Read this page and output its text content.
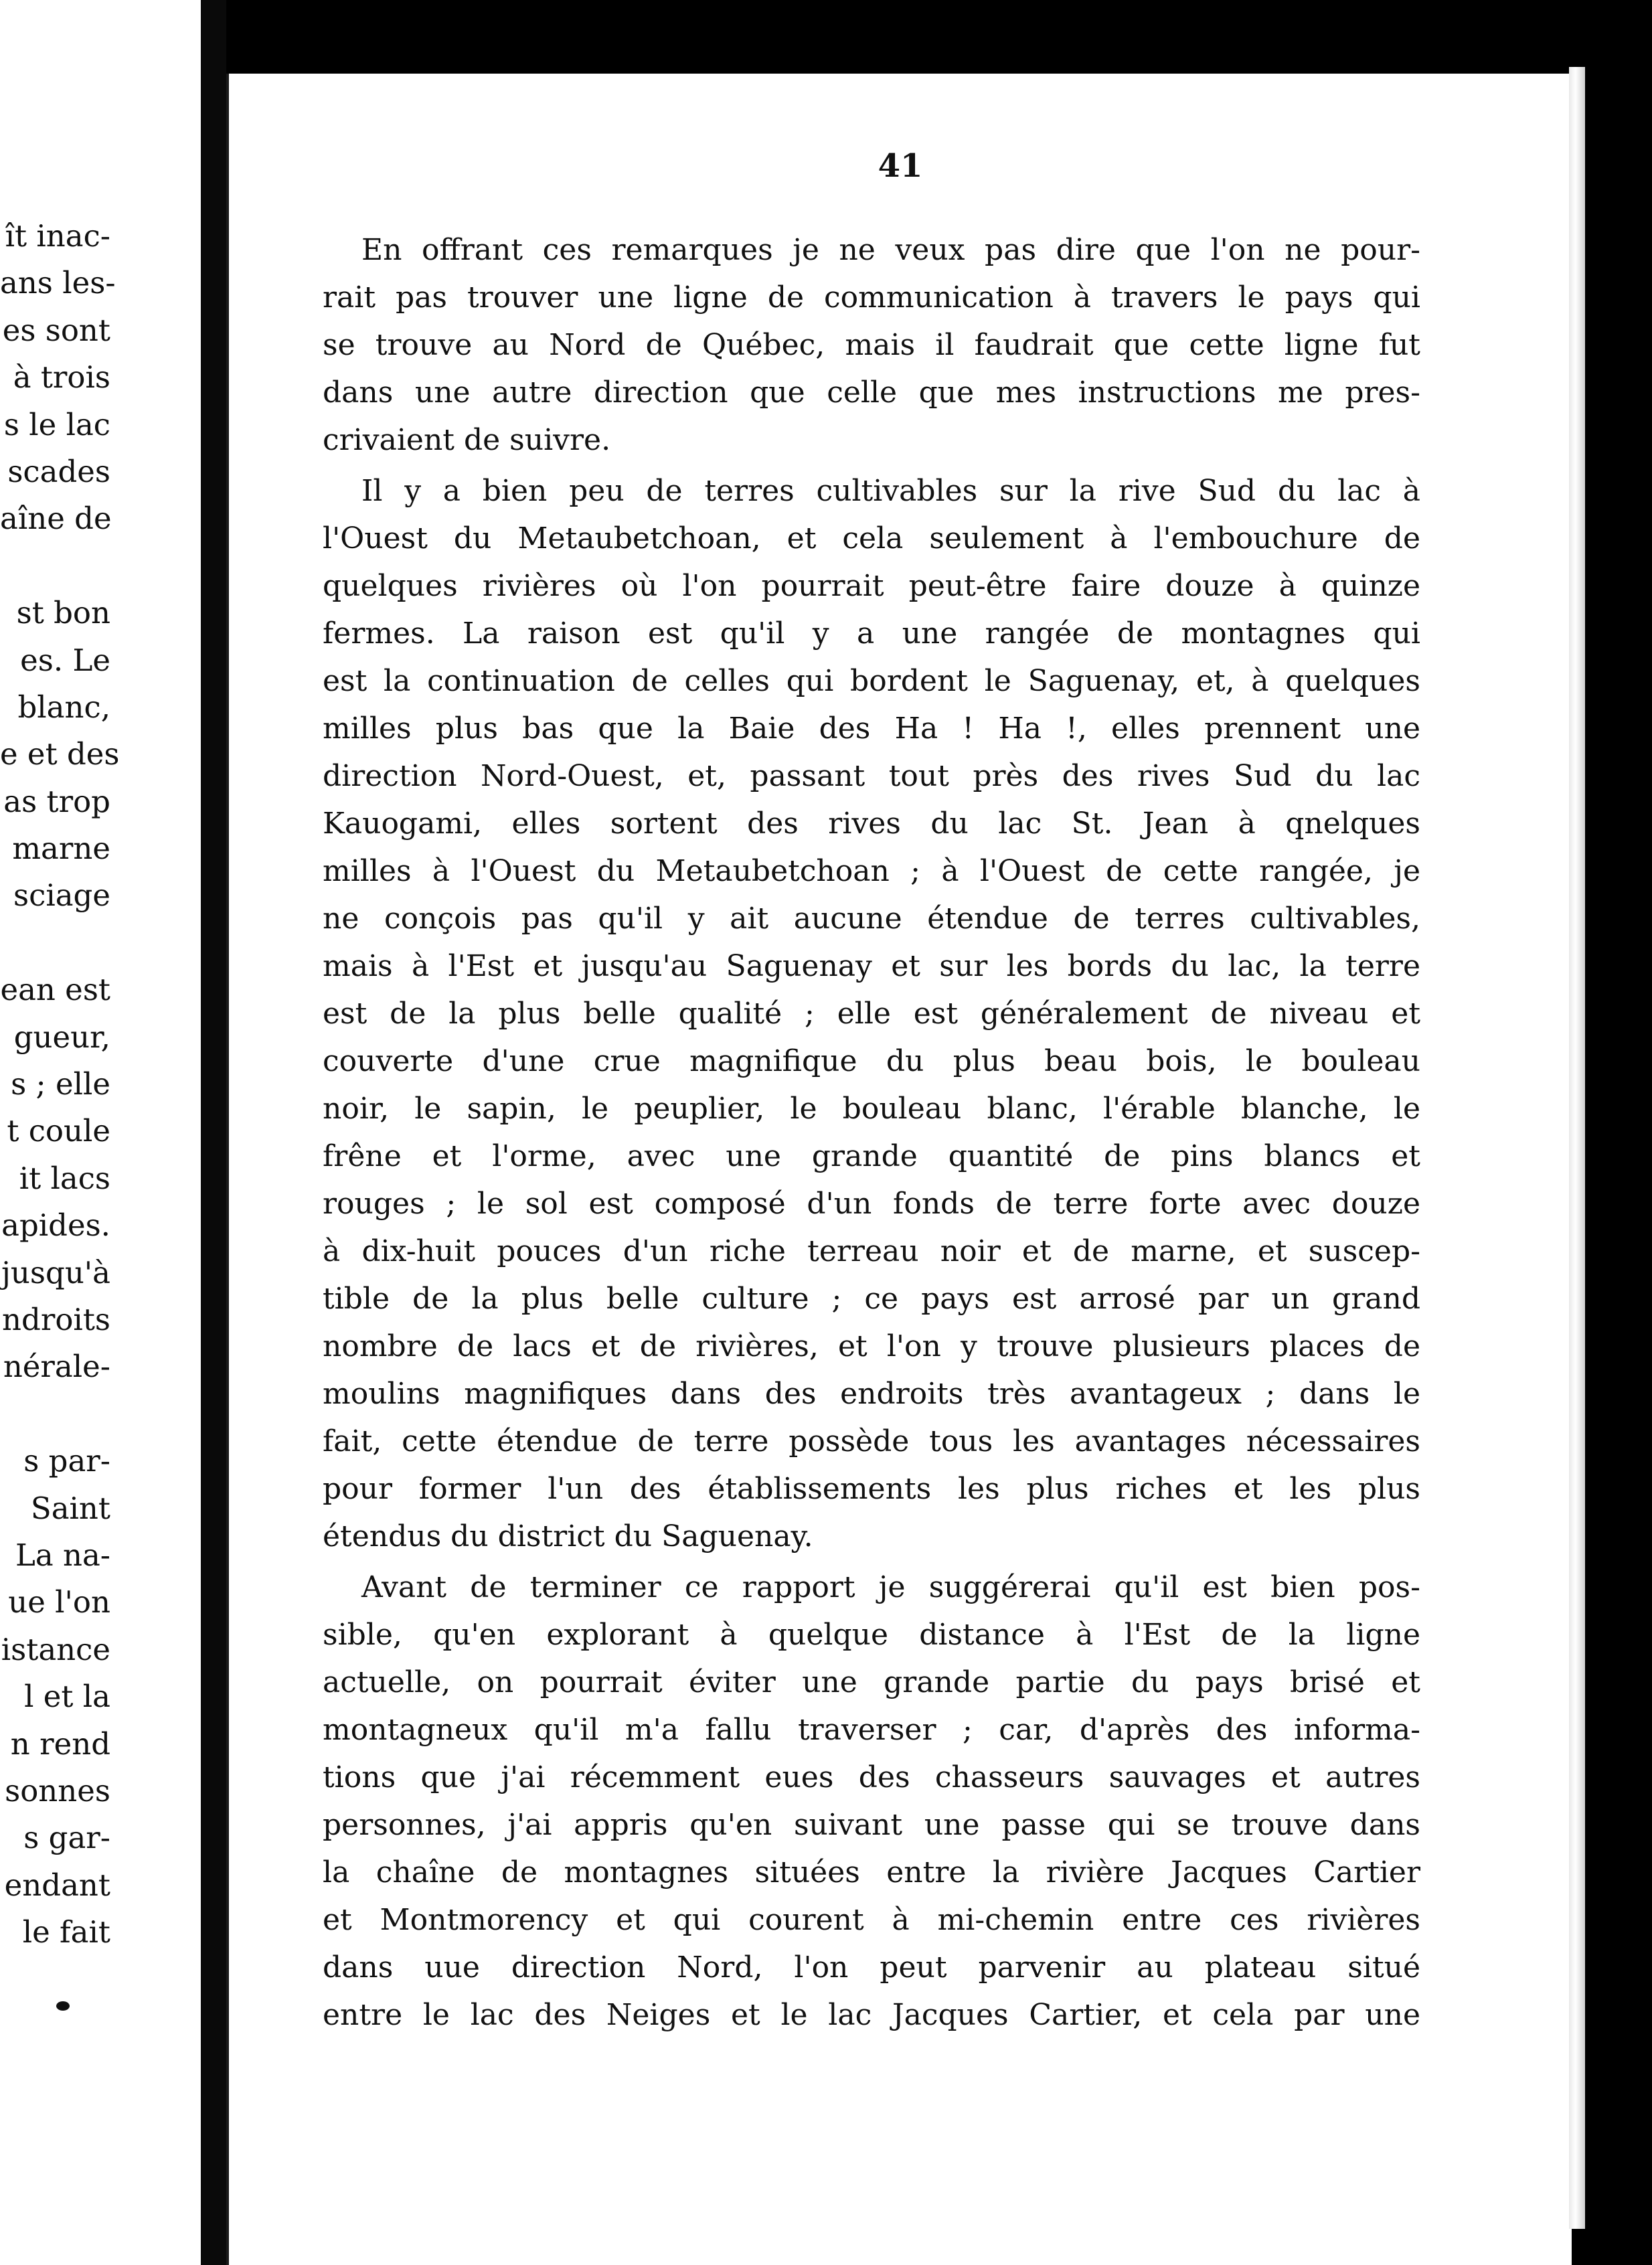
ît inac-
ans les-
es sont
à trois
s le lac
scades
aîne de
st bon
es. Le
blanc,
e et des
as trop
marne
sciage
ean est
gueur,
s ; elle
t coule
it lacs
apides.
jusqu'à
ndroits
nérale-
s par-
Saint
La na-
ue l'on
istance
l et la
n rend
sonnes
s gar-
endant
le fait
41
En offrant ces remarques je ne veux pas dire que l'on ne pour-
rait pas trouver une ligne de communication à travers le pays qui
se trouve au Nord de Québec, mais il faudrait que cette ligne fut
dans une autre direction que celle que mes instructions me pres-
crivaient de suivre.
Il y a bien peu de terres cultivables sur la rive Sud du lac à
l'Ouest du Metaubetchoan, et cela seulement à l'embouchure de
quelques rivières où l'on pourrait peut-être faire douze à quinze
fermes. La raison est qu'il y a une rangée de montagnes qui
est la continuation de celles qui bordent le Saguenay, et, à quelques
milles plus bas que la Baie des Ha ! Ha !, elles prennent une
direction Nord-Ouest, et, passant tout près des rives Sud du lac
Kauogami, elles sortent des rives du lac St. Jean à qnelques
milles à l'Ouest du Metaubetchoan ; à l'Ouest de cette rangée, je
ne conçois pas qu'il y ait aucune étendue de terres cultivables,
mais à l'Est et jusqu'au Saguenay et sur les bords du lac, la terre
est de la plus belle qualité ; elle est généralement de niveau et
couverte d'une crue magnifique du plus beau bois, le bouleau
noir, le sapin, le peuplier, le bouleau blanc, l'érable blanche, le
frêne et l'orme, avec une grande quantité de pins blancs et
rouges ; le sol est composé d'un fonds de terre forte avec douze
à dix-huit pouces d'un riche terreau noir et de marne, et suscep-
tible de la plus belle culture ; ce pays est arrosé par un grand
nombre de lacs et de rivières, et l'on y trouve plusieurs places de
moulins magnifiques dans des endroits très avantageux ; dans le
fait, cette étendue de terre possède tous les avantages nécessaires
pour former l'un des établissements les plus riches et les plus
étendus du district du Saguenay.
Avant de terminer ce rapport je suggérerai qu'il est bien pos-
sible, qu'en explorant à quelque distance à l'Est de la ligne
actuelle, on pourrait éviter une grande partie du pays brisé et
montagneux qu'il m'a fallu traverser ; car, d'après des informa-
tions que j'ai récemment eues des chasseurs sauvages et autres
personnes, j'ai appris qu'en suivant une passe qui se trouve dans
la chaîne de montagnes situées entre la rivière Jacques Cartier
et Montmorency et qui courent à mi-chemin entre ces rivières
dans uue direction Nord, l'on peut parvenir au plateau situé
entre le lac des Neiges et le lac Jacques Cartier, et cela par une
